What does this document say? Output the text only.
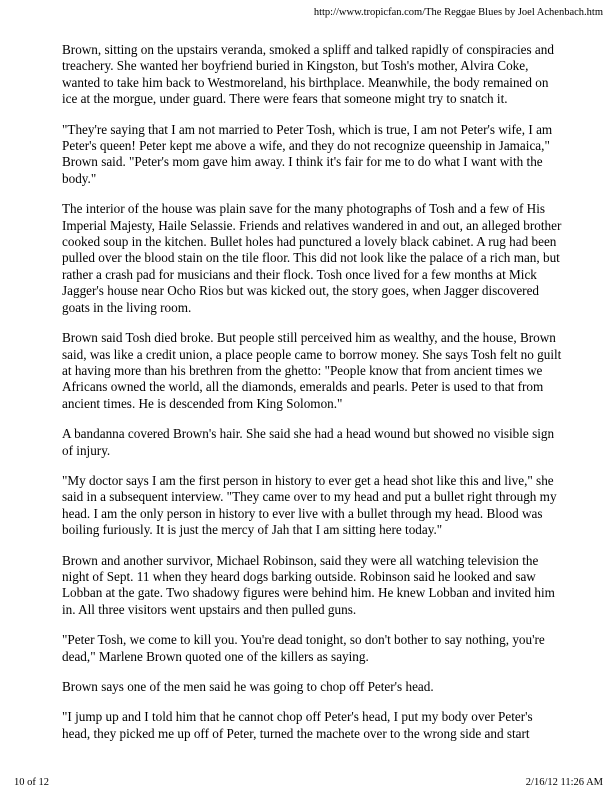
http://www.tropicfan.com/The Reggae Blues by Joel Achenbach.htm

Brown, sitting on the upstairs veranda, smoked a spliff and talked rapidly of conspiracies and treachery. She wanted her boyfriend buried in Kingston, but Tosh's mother, Alvira Coke, wanted to take him back to Westmoreland, his birthplace. Meanwhile, the body remained on ice at the morgue, under guard. There were fears that someone might try to snatch it.

"They're saying that I am not married to Peter Tosh, which is true, I am not Peter's wife, I am Peter's queen! Peter kept me above a wife, and they do not recognize queenship in Jamaica," Brown said. "Peter's mom gave him away. I think it's fair for me to do what I want with the body."

The interior of the house was plain save for the many photographs of Tosh and a few of His Imperial Majesty, Haile Selassie. Friends and relatives wandered in and out, an alleged brother cooked soup in the kitchen. Bullet holes had punctured a lovely black cabinet. A rug had been pulled over the blood stain on the tile floor. This did not look like the palace of a rich man, but rather a crash pad for musicians and their flock. Tosh once lived for a few months at Mick Jagger's house near Ocho Rios but was kicked out, the story goes, when Jagger discovered goats in the living room.

Brown said Tosh died broke. But people still perceived him as wealthy, and the house, Brown said, was like a credit union, a place people came to borrow money. She says Tosh felt no guilt at having more than his brethren from the ghetto: "People know that from ancient times we Africans owned the world, all the diamonds, emeralds and pearls. Peter is used to that from ancient times. He is descended from King Solomon."

A bandanna covered Brown's hair. She said she had a head wound but showed no visible sign of injury.

"My doctor says I am the first person in history to ever get a head shot like this and live," she said in a subsequent interview. "They came over to my head and put a bullet right through my head. I am the only person in history to ever live with a bullet through my head. Blood was boiling furiously. It is just the mercy of Jah that I am sitting here today."

Brown and another survivor, Michael Robinson, said they were all watching television the night of Sept. 11 when they heard dogs barking outside. Robinson said he looked and saw Lobban at the gate. Two shadowy figures were behind him. He knew Lobban and invited him in. All three visitors went upstairs and then pulled guns.

"Peter Tosh, we come to kill you. You're dead tonight, so don't bother to say nothing, you're dead," Marlene Brown quoted one of the killers as saying.

Brown says one of the men said he was going to chop off Peter's head.

"I jump up and I told him that he cannot chop off Peter's head, I put my body over Peter's head, they picked me up off of Peter, turned the machete over to the wrong side and start

10 of 12	2/16/12 11:26 AM
